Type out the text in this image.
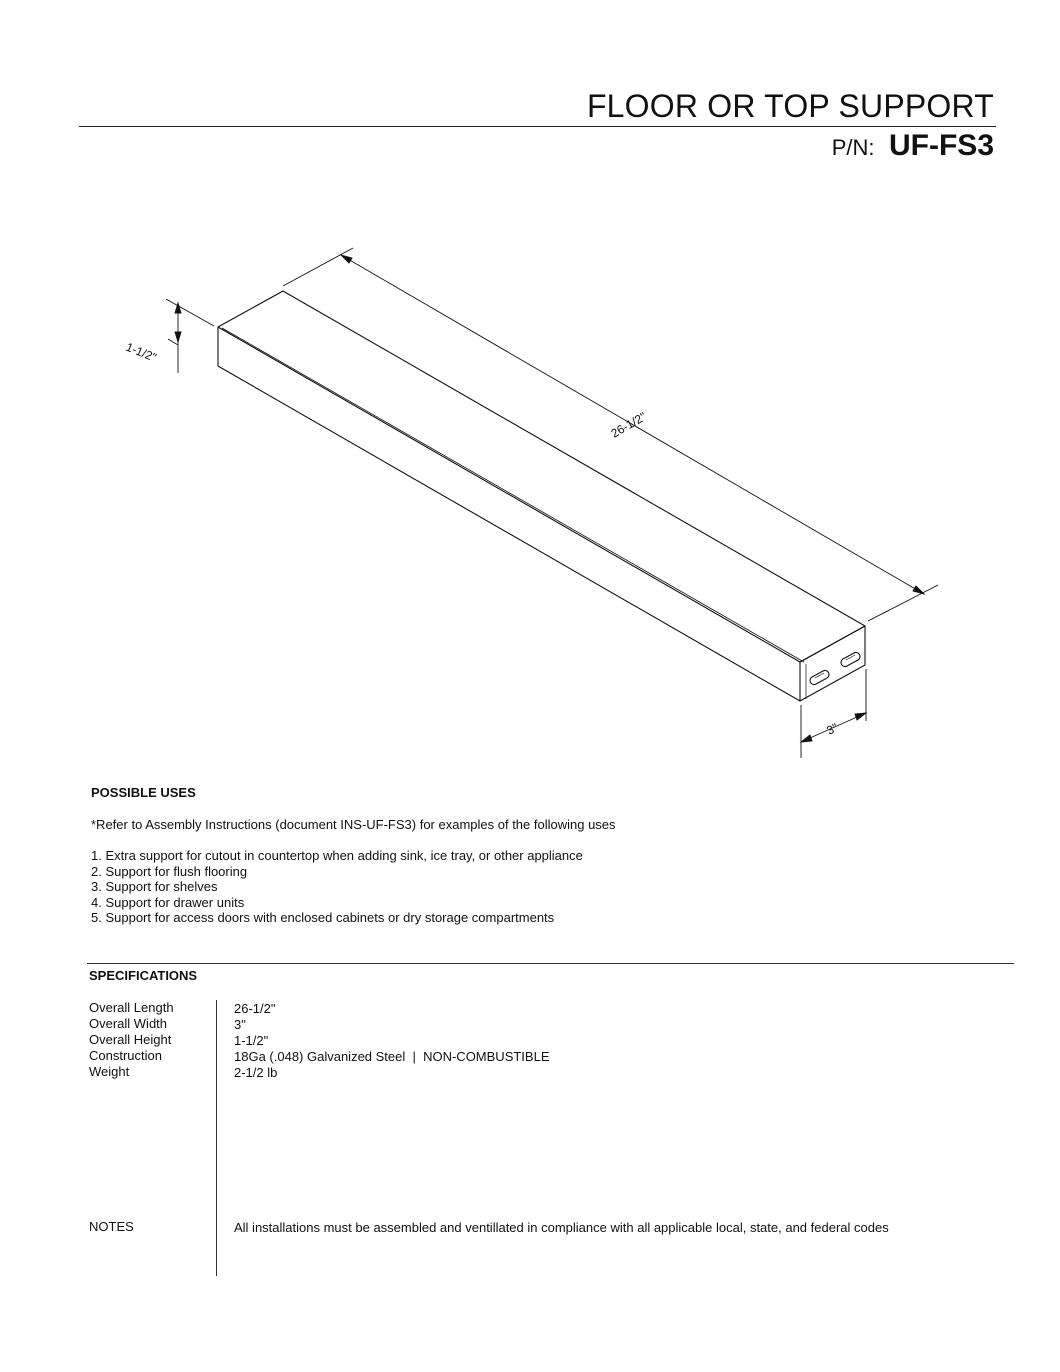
FLOOR OR TOP SUPPORT
P/N: UF-FS3
26-1/2"
1-1/2"
3"
POSSIBLE USES
*Refer to Assembly Instructions (document INS-UF-FS3) for examples of the following uses
1. Extra support for cutout in countertop when adding sink, ice tray, or other appliance
2. Support for flush flooring
3. Support for shelves
4. Support for drawer units
5. Support for access doors with enclosed cabinets or dry storage compartments
SPECIFICATIONS
Overall Length
Overall Width
Overall Height
Construction
Weight
26-1/2"
3"
1-1/2"
18Ga (.048) Galvanized Steel  |  NON-COMBUSTIBLE
2-1/2 lb
NOTES	All installations must be assembled and ventillated in compliance with all applicable local, state, and federal codes
